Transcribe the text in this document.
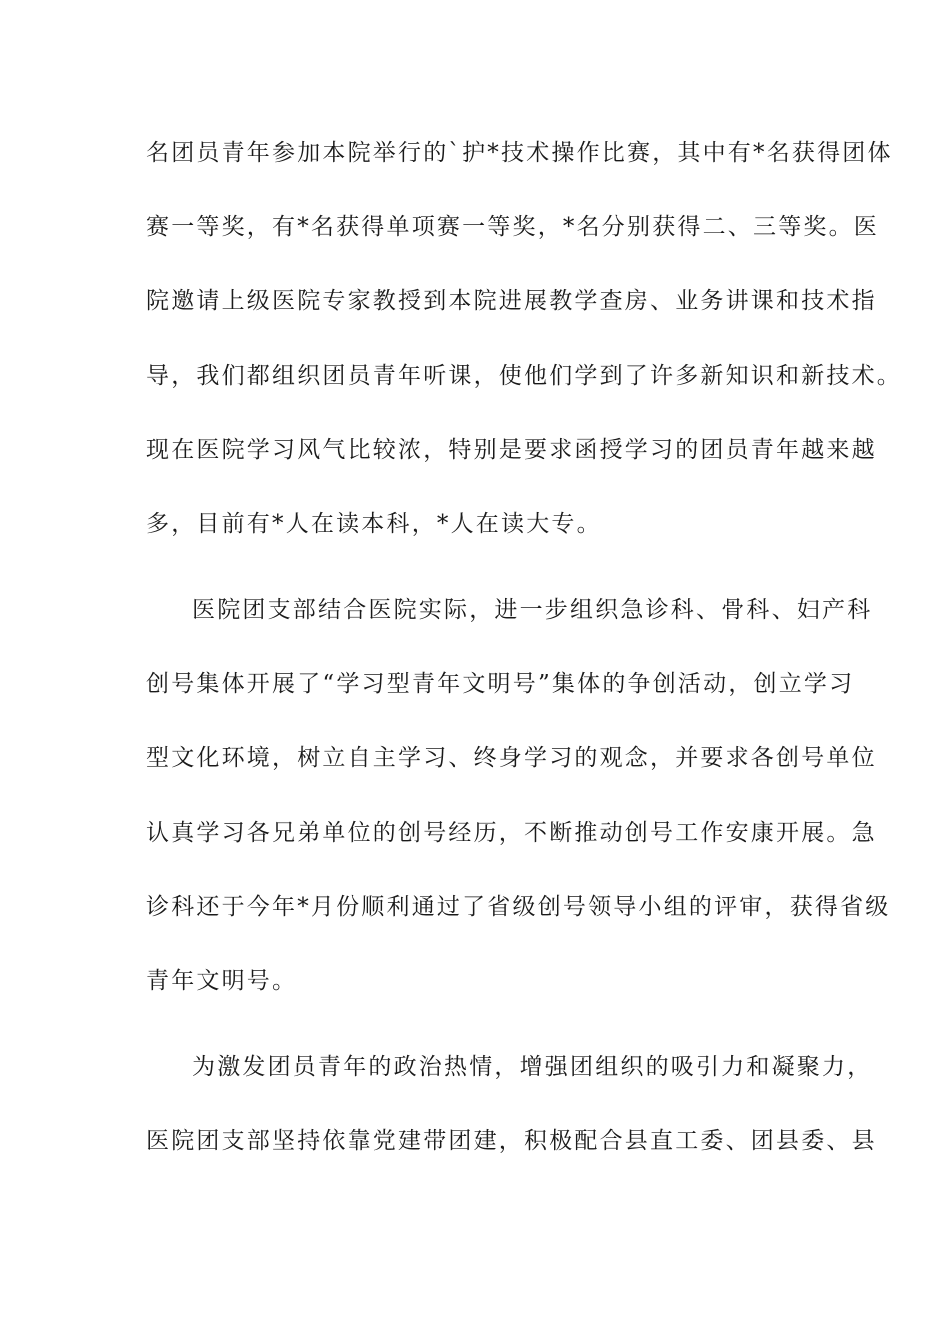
名团员青年参加本院举行的`护*技术操作比赛，其中有*名获得团体
赛一等奖，有*名获得单项赛一等奖，*名分别获得二、三等奖。医
院邀请上级医院专家教授到本院进展教学查房、业务讲课和技术指
导，我们都组织团员青年听课，使他们学到了许多新知识和新技术。
现在医院学习风气比较浓，特别是要求函授学习的团员青年越来越
多，目前有*人在读本科，*人在读大专。
医院团支部结合医院实际，进一步组织急诊科、骨科、妇产科
创号集体开展了“学习型青年文明号”集体的争创活动，创立学习
型文化环境，树立自主学习、终身学习的观念，并要求各创号单位
认真学习各兄弟单位的创号经历，不断推动创号工作安康开展。急
诊科还于今年*月份顺利通过了省级创号领导小组的评审，获得省级
青年文明号。
为激发团员青年的政治热情，增强团组织的吸引力和凝聚力，
医院团支部坚持依靠党建带团建，积极配合县直工委、团县委、县
